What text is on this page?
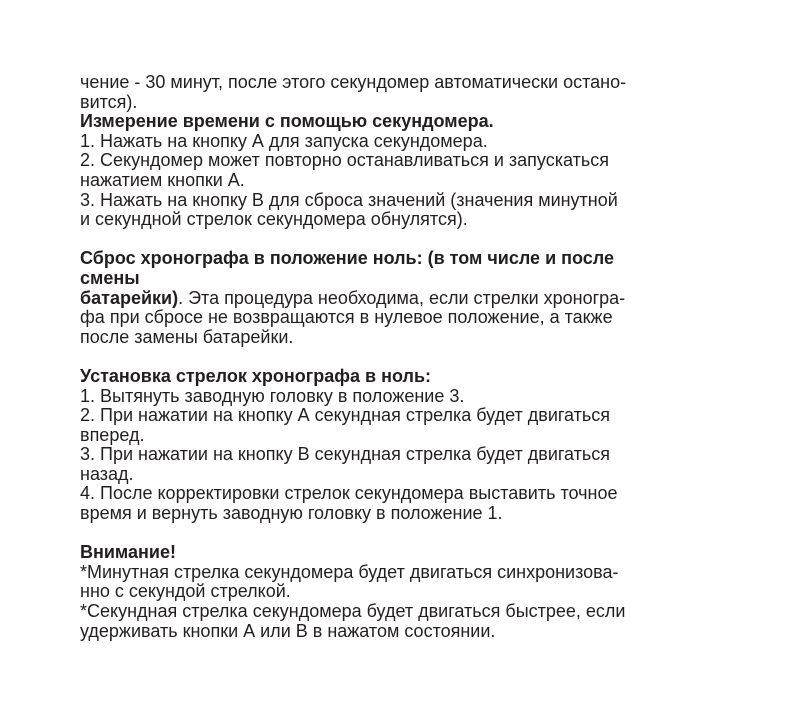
чение - 30 минут, после этого секундомер автоматически остано-
вится).
Измерение времени с помощью секундомера.
1. Нажать на кнопку А для запуска секундомера.
2. Секундомер может повторно останавливаться и запускаться
нажатием кнопки А.
3. Нажать на кнопку В для сброса значений (значения минутной
и секундной стрелок секундомера обнулятся).
Сброс хронографа в положение ноль: (в том числе и после
смены
батарейки). Эта процедура необходима, если стрелки хроногра-
фа при сбросе не возвращаются в нулевое положение, а также
после замены батарейки.
Установка стрелок хронографа в ноль:
1. Вытянуть заводную головку в положение 3.
2. При нажатии на кнопку А секундная стрелка будет двигаться
вперед.
3. При нажатии на кнопку В секундная стрелка будет двигаться
назад.
4. После корректировки стрелок секундомера выставить точное
время и вернуть заводную головку в положение 1.
Внимание!
*Минутная стрелка секундомера будет двигаться синхронизова-
нно с секундой стрелкой.
*Секундная стрелка секундомера будет двигаться быстрее, если
удерживать кнопки А или В в нажатом состоянии.
